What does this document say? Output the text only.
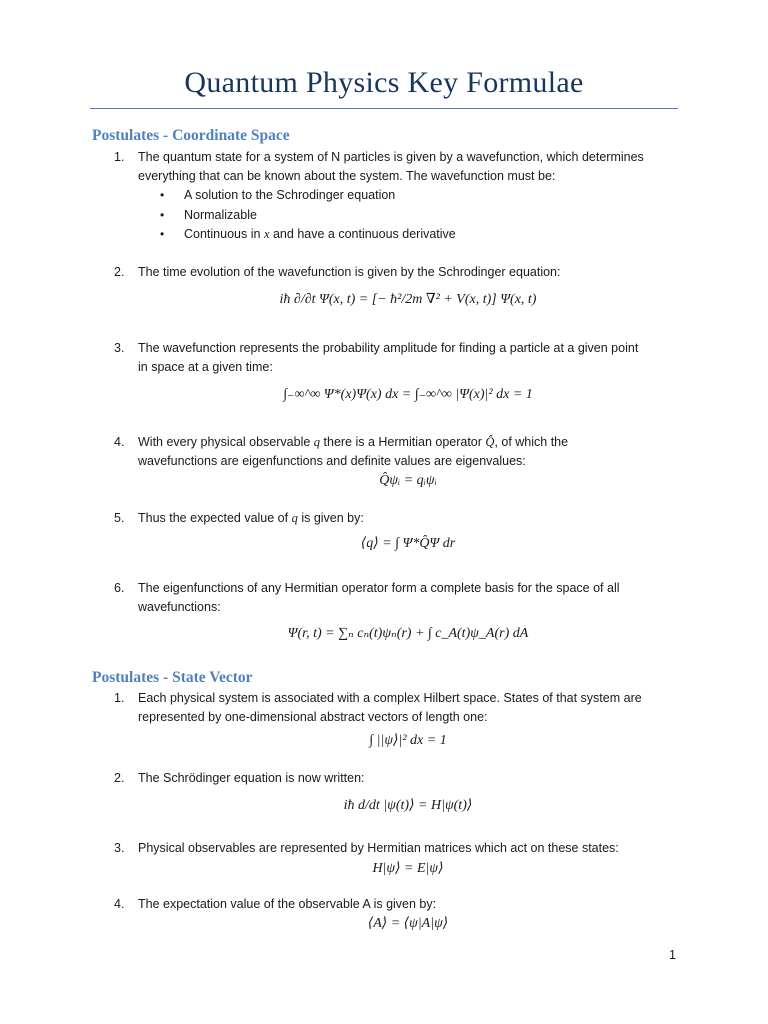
Quantum Physics Key Formulae
Postulates - Coordinate Space
1. The quantum state for a system of N particles is given by a wavefunction, which determines
everything that can be known about the system. The wavefunction must be:
• A solution to the Schrodinger equation
• Normalizable
• Continuous in x and have a continuous derivative
2. The time evolution of the wavefunction is given by the Schrodinger equation:
iħ ∂/∂t Ψ(x, t) = [− ħ²/2m ∇² + V(x, t)] Ψ(x, t)
3. The wavefunction represents the probability amplitude for finding a particle at a given point
in space at a given time:
∫₋∞^∞ Ψ*(x)Ψ(x) dx = ∫₋∞^∞ |Ψ(x)|² dx = 1
4. With every physical observable q there is a Hermitian operator Q̂, of which the
wavefunctions are eigenfunctions and definite values are eigenvalues:
Q̂ψᵢ = qᵢψᵢ
5. Thus the expected value of q is given by:
⟨q⟩ = ∫ Ψ*Q̂Ψ dr
6. The eigenfunctions of any Hermitian operator form a complete basis for the space of all
wavefunctions:
Ψ(r, t) = ∑ₙ cₙ(t)ψₙ(r) + ∫ c_A(t)ψ_A(r) dA
Postulates - State Vector
1. Each physical system is associated with a complex Hilbert space. States of that system are
represented by one-dimensional abstract vectors of length one:
∫ ||ψ⟩|² dx = 1
2. The Schrödinger equation is now written:
iħ d/dt |ψ(t)⟩ = H|ψ(t)⟩
3. Physical observables are represented by Hermitian matrices which act on these states:
H|ψ⟩ = E|ψ⟩
4. The expectation value of the observable A is given by:
⟨A⟩ = ⟨ψ|A|ψ⟩
1
